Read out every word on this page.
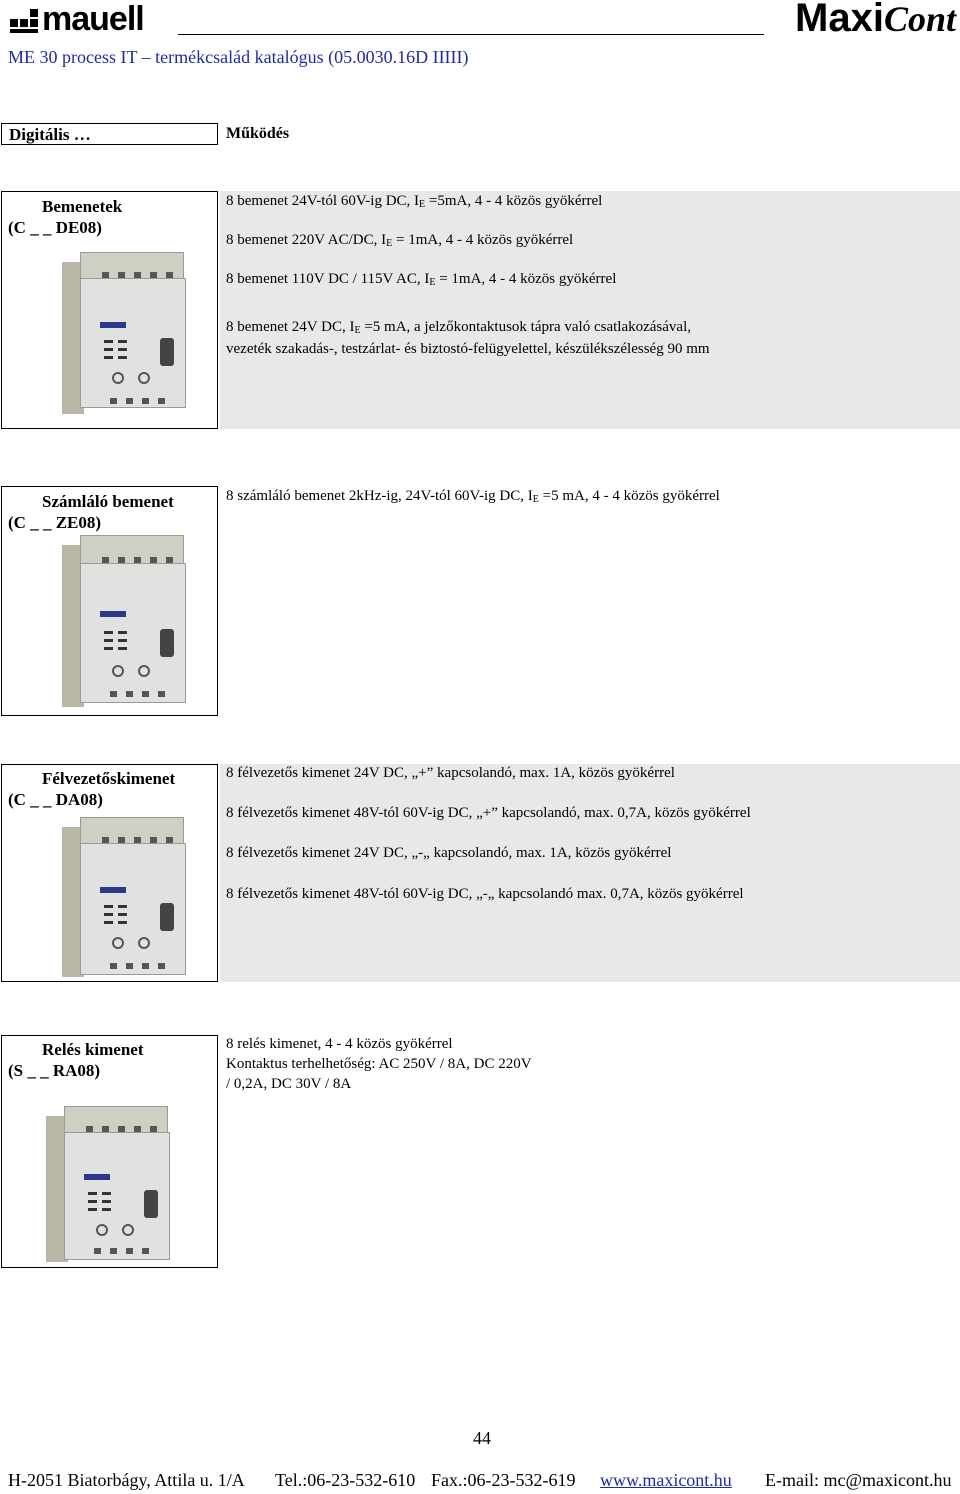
mauell	MaxiCont
ME 30 process IT – termékcsalád katalógus (05.0030.16D IIIII)
Digitális …	Működés
Bemenetek
(C _ _ DE08)
8 bemenet 24V-tól 60V-ig DC, $I_E =5mA$, 4 - 4 közös gyökérrel
8 bemenet 220V AC/DC, $I_E = 1mA$, 4 - 4 közös gyökérrel
8 bemenet 110V DC / 115V AC, $I_E = 1mA$, 4 - 4 közös gyökérrel
8 bemenet 24V DC, $I_E =5$ mA, a jelzőkontaktusok tápra való csatlakozásával,
vezeték szakadás-, testzárlat- és biztostó-felügyelettel, készülékszélesség 90 mm
Számláló bemenet
(C _ _ ZE08)
8 számláló bemenet 2kHz-ig, 24V-tól 60V-ig DC, $I_E =5$ mA, 4 - 4 közös gyökérrel
Félvezetőskimenet
(C _ _ DA08)
8 félvezetős kimenet 24V DC, „+” kapcsolandó, max. 1A, közös gyökérrel
8 félvezetős kimenet 48V-tól 60V-ig DC, „+” kapcsolandó, max. 0,7A, közös gyökérrel
8 félvezetős kimenet 24V DC, „-„ kapcsolandó, max. 1A, közös gyökérrel
8 félvezetős kimenet 48V-tól 60V-ig DC, „-„ kapcsolandó max. 0,7A, közös gyökérrel
Relés kimenet
(S _ _ RA08)
8 relés kimenet, 4 - 4 közös gyökérrel
Kontaktus terhelhetőség: AC 250V / 8A, DC 220V
/ 0,2A, DC 30V / 8A
44
H-2051 Biatorbágy, Attila u. 1/A Tel.:06-23-532-610 Fax.:06-23-532-619 www.maxicont.hu E-mail: mc@maxicont.hu
